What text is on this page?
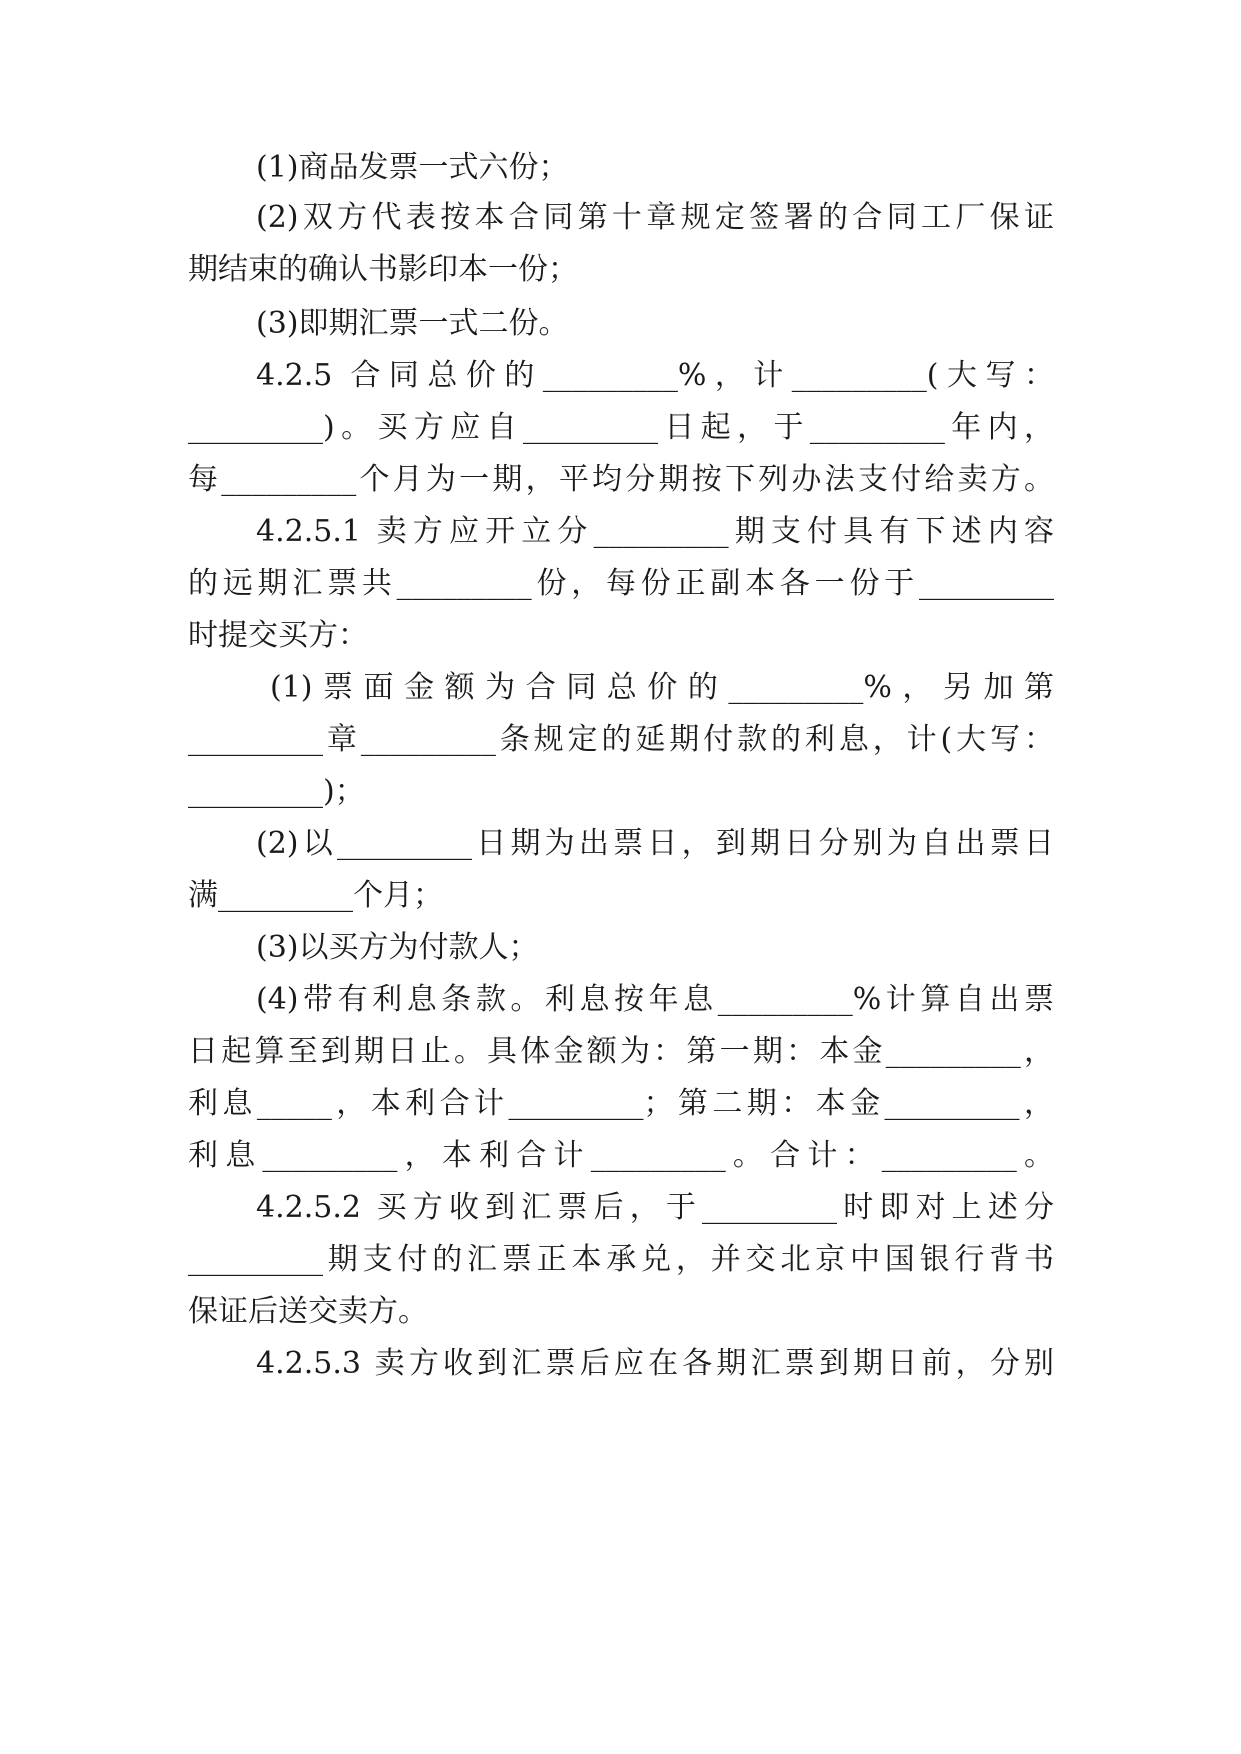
(1)商品发票一式六份；
(2)双方代表按本合同第十章规定签署的合同工厂保证
期结束的确认书影印本一份；
(3)即期汇票一式二份。
4.2.5 合同总价的_________%，计_________(大写：
_________)。买方应自_________日起，于_________年内，
每_________个月为一期，平均分期按下列办法支付给卖方。
4.2.5.1 卖方应开立分_________期支付具有下述内容
的远期汇票共_________份，每份正副本各一份于_________
时提交买方：
(1)票面金额为合同总价的_________%，另加第
_________章_________条规定的延期付款的利息，计(大写：
_________)；
(2)以_________日期为出票日，到期日分别为自出票日
满_________个月；
(3)以买方为付款人；
(4)带有利息条款。利息按年息_________%计算自出票
日起算至到期日止。具体金额为：第一期：本金_________，
利息_____，本利合计_________；第二期：本金_________，
利息_________，本利合计_________。合计：_________。
4.2.5.2 买方收到汇票后，于_________时即对上述分
_________期支付的汇票正本承兑，并交北京中国银行背书
保证后送交卖方。
4.2.5.3 卖方收到汇票后应在各期汇票到期日前，分别
